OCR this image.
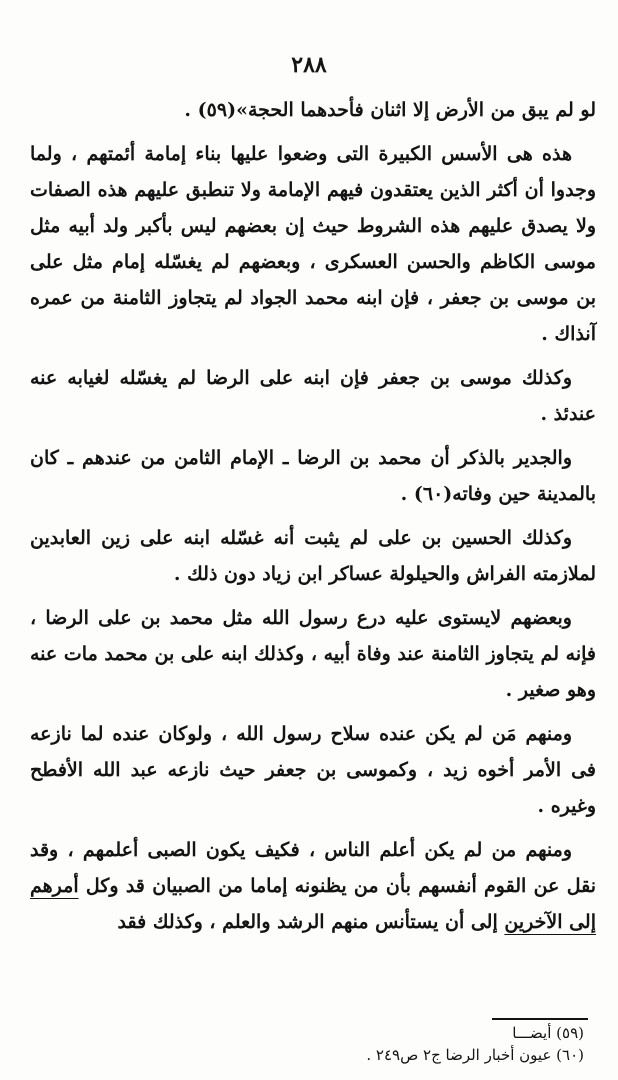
٢٨٨

لو لم يبق من الأرض إلا اثنان فأحدهما الحجة»(٥٩) .

هذه هى الأسس الكبيرة التى وضعوا عليها بناء إمامة أئمتهم ، ولما وجدوا أن أكثر الذين يعتقدون فيهم الإمامة ولا تنطبق عليهم هذه الصفات ولا يصدق عليهم هذه الشروط حيث إن بعضهم ليس بأكبر ولد أبيه مثل موسى الكاظم والحسن العسكرى ، وبعضهم لم يغسّله إمام مثل على بن موسى بن جعفر ، فإن ابنه محمد الجواد لم يتجاوز الثامنة من عمره آنذاك .

وكذلك موسى بن جعفر فإن ابنه على الرضا لم يغسّله لغيابه عنه عندئذ .

والجدير بالذكر أن محمد بن الرضا ـ الإمام الثامن من عندهم ـ كان بالمدينة حين وفاته(٦٠) .

وكذلك الحسين بن على لم يثبت أنه غسّله ابنه على زين العابدين لملازمته الفراش والحيلولة عساكر ابن زياد دون ذلك .

وبعضهم لايستوى عليه درع رسول الله مثل محمد بن على الرضا ، فإنه لم يتجاوز الثامنة عند وفاة أبيه ، وكذلك ابنه على بن محمد مات عنه وهو صغير .

ومنهم مَن لم يكن عنده سلاح رسول الله ، ولوكان عنده لما نازعه فى الأمر أخوه زيد ، وكموسى بن جعفر حيث نازعه عبد الله الأفطح وغيره .

ومنهم من لم يكن أعلم الناس ، فكيف يكون الصبى أعلمهم ، وقد نقل عن القوم أنفسهم بأن من يظنونه إماما من الصبيان قد وكل أمرهم إلى الآخرين إلى أن يستأنس منهم الرشد والعلم ، وكذلك فقد

(٥٩) أيضـــا
(٦٠) عيون أخبار الرضا ج٢ ص٢٤٩ .
